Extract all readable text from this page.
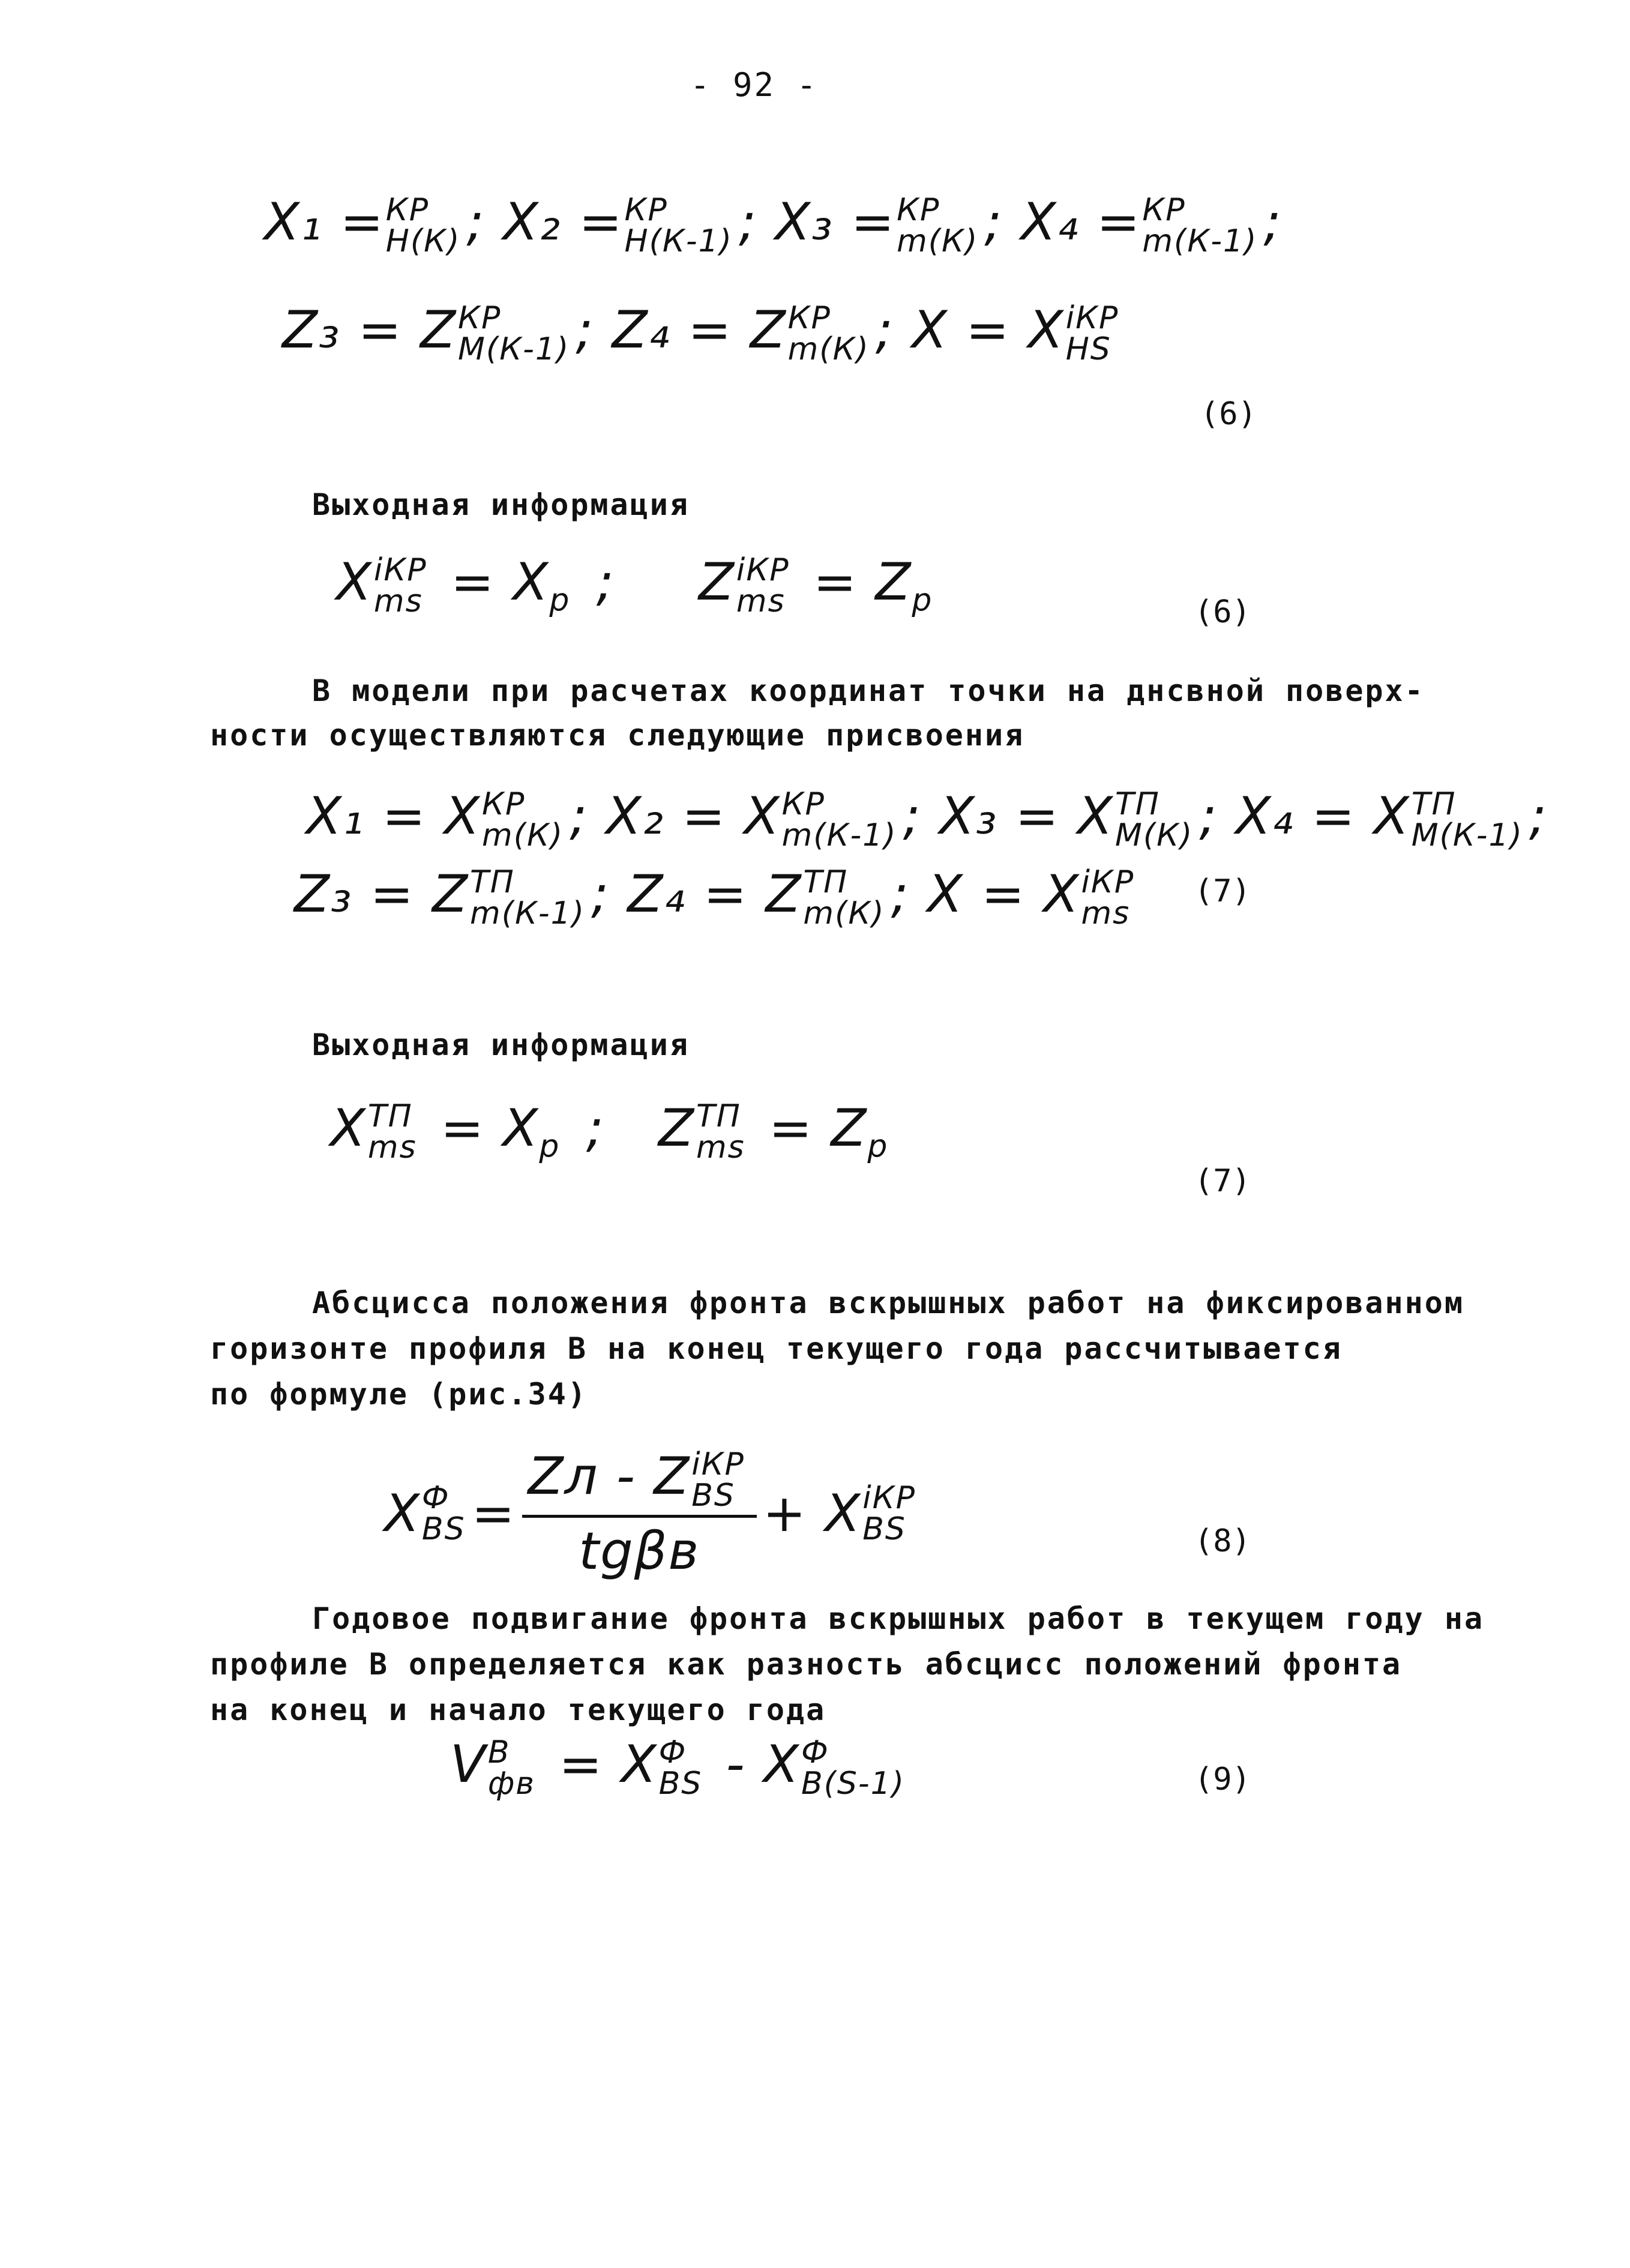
- 92 -
X₁ = КР
Н(К) ; X₂ = КР
Н(К-1) ; X₃ = КР
m(К) ; X₄ = КР
m(К-1) ;
Z₃ = Z КР
M(К-1) ; Z₄ = Z КР
m(К) ; X = X iКР
HS
(6)
Выходная информация
X iКР
ms = $X_р$ ; Z iКР
ms = $Z_р$	(6)
В модели при расчетах координат точки на днсвной поверх-
ности осуществляются следующие присвоения
X₁ = X КР
m(К) ; X₂ = X КР
m(К-1) ; X₃ = X ТП
M(К) ; X₄ = X ТП
M(К-1) ;
Z₃ = Z ТП
m(К-1) ; Z₄ = Z ТП
m(К) ; X = X iКР
ms
(7)
Выходная информация
X ТП
ms = $X_р$ ; Z ТП
ms = $Z_р$
(7)
Абсцисса положения фронта вскрышных работ на фиксированном
горизонте профиля В на конец текущего года рассчитывается
по формуле (рис.34)
X Ф
BS = Zл - Z iКР
BS
tgβв + X iКР
BS	(8)
Годовое подвигание фронта вскрышных работ в текущем году на
профиле В определяется как разность абсцисс положений фронта
на конец и начало текущего года
V В
фв = X Ф
BS - X Ф
B(S-1)	(9)
